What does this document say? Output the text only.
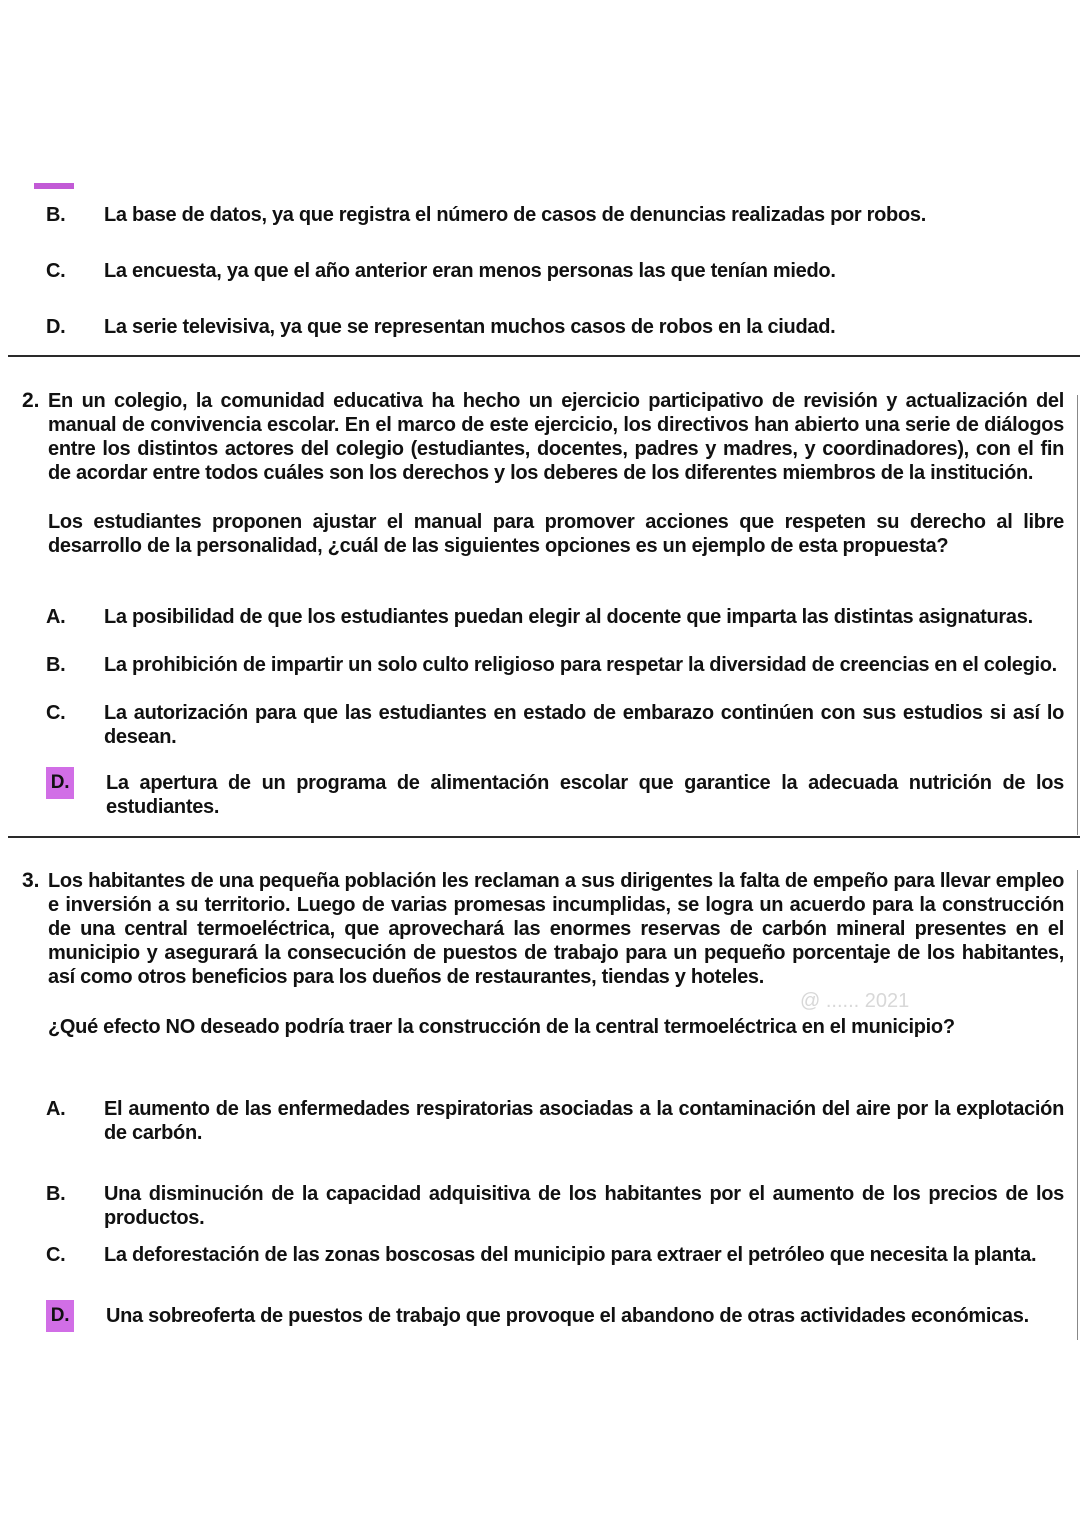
B.	La base de datos, ya que registra el número de casos de denuncias realizadas por robos.
C.	La encuesta, ya que el año anterior eran menos personas las que tenían miedo.
D.	La serie televisiva, ya que se representan muchos casos de robos en la ciudad.
2. En un colegio, la comunidad educativa ha hecho un ejercicio participativo de revisión y actualización del manual de convivencia escolar. En el marco de este ejercicio, los directivos han abierto una serie de diálogos entre los distintos actores del colegio (estudiantes, docentes, padres y madres, y coordinadores), con el fin de acordar entre todos cuáles son los derechos y los deberes de los diferentes miembros de la institución.
Los estudiantes proponen ajustar el manual para promover acciones que respeten su derecho al libre desarrollo de la personalidad, ¿cuál de las siguientes opciones es un ejemplo de esta propuesta?
A.	La posibilidad de que los estudiantes puedan elegir al docente que imparta las distintas asignaturas.
B.	La prohibición de impartir un solo culto religioso para respetar la diversidad de creencias en el colegio.
C.	La autorización para que las estudiantes en estado de embarazo continúen con sus estudios si así lo desean.
D. La apertura de un programa de alimentación escolar que garantice la adecuada nutrición de los estudiantes.
3. Los habitantes de una pequeña población les reclaman a sus dirigentes la falta de empeño para llevar empleo e inversión a su territorio. Luego de varias promesas incumplidas, se logra un acuerdo para la construcción de una central termoeléctrica, que aprovechará las enormes reservas de carbón mineral presentes en el municipio y asegurará la consecución de puestos de trabajo para un pequeño porcentaje de los habitantes, así como otros beneficios para los dueños de restaurantes, tiendas y hoteles.
@ ...... 2021
¿Qué efecto NO deseado podría traer la construcción de la central termoeléctrica en el municipio?
A.	El aumento de las enfermedades respiratorias asociadas a la contaminación del aire por la explotación de carbón.
B.	Una disminución de la capacidad adquisitiva de los habitantes por el aumento de los precios de los productos.
C.	La deforestación de las zonas boscosas del municipio para extraer el petróleo que necesita la planta.
D. Una sobreoferta de puestos de trabajo que provoque el abandono de otras actividades económicas.
